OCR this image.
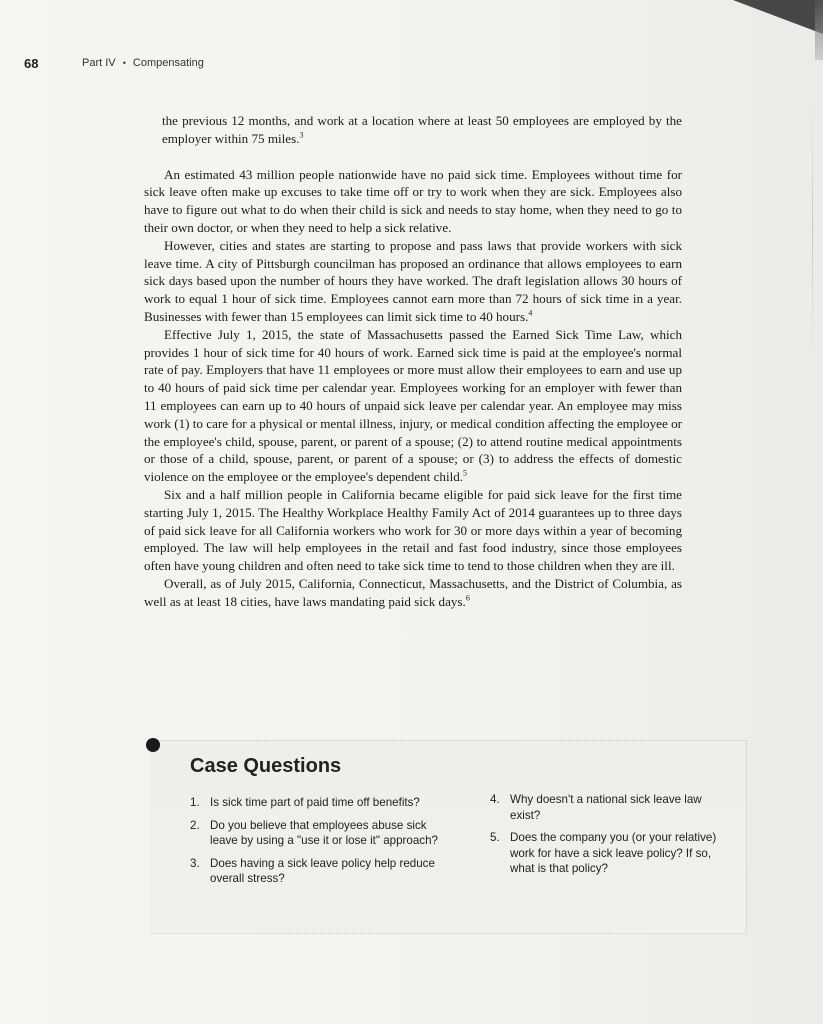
68	Part IV • Compensating

the previous 12 months, and work at a location where at least 50 employees are employed by the employer within 75 miles.$^3$

An estimated 43 million people nationwide have no paid sick time. Employees without time for sick leave often make up excuses to take time off or try to work when they are sick. Employees also have to figure out what to do when their child is sick and needs to stay home, when they need to go to their own doctor, or when they need to help a sick relative.

However, cities and states are starting to propose and pass laws that provide workers with sick leave time. A city of Pittsburgh councilman has proposed an ordinance that allows employees to earn sick days based upon the number of hours they have worked. The draft legislation allows 30 hours of work to equal 1 hour of sick time. Employees cannot earn more than 72 hours of sick time in a year. Businesses with fewer than 15 employees can limit sick time to 40 hours.$^4$

Effective July 1, 2015, the state of Massachusetts passed the Earned Sick Time Law, which provides 1 hour of sick time for 40 hours of work. Earned sick time is paid at the employee's normal rate of pay. Employers that have 11 employees or more must allow their employees to earn and use up to 40 hours of paid sick time per calendar year. Employees working for an employer with fewer than 11 employees can earn up to 40 hours of unpaid sick leave per calendar year. An employee may miss work (1) to care for a physical or mental illness, injury, or medical condition affecting the employee or the employee's child, spouse, parent, or parent of a spouse; (2) to attend routine medical appointments or those of a child, spouse, parent, or parent of a spouse; or (3) to address the effects of domestic violence on the employee or the employee's dependent child.$^5$

Six and a half million people in California became eligible for paid sick leave for the first time starting July 1, 2015. The Healthy Workplace Healthy Family Act of 2014 guarantees up to three days of paid sick leave for all California workers who work for 30 or more days within a year of becoming employed. The law will help employees in the retail and fast food industry, since those employees often have young children and often need to take sick time to tend to those children when they are ill.

Overall, as of July 2015, California, Connecticut, Massachusetts, and the District of Columbia, as well as at least 18 cities, have laws mandating paid sick days.$^6$

Case Questions
1. Is sick time part of paid time off benefits?
2. Do you believe that employees abuse sick leave by using a "use it or lose it" approach?
3. Does having a sick leave policy help reduce overall stress?
4. Why doesn't a national sick leave law exist?
5. Does the company you (or your relative) work for have a sick leave policy? If so, what is that policy?
